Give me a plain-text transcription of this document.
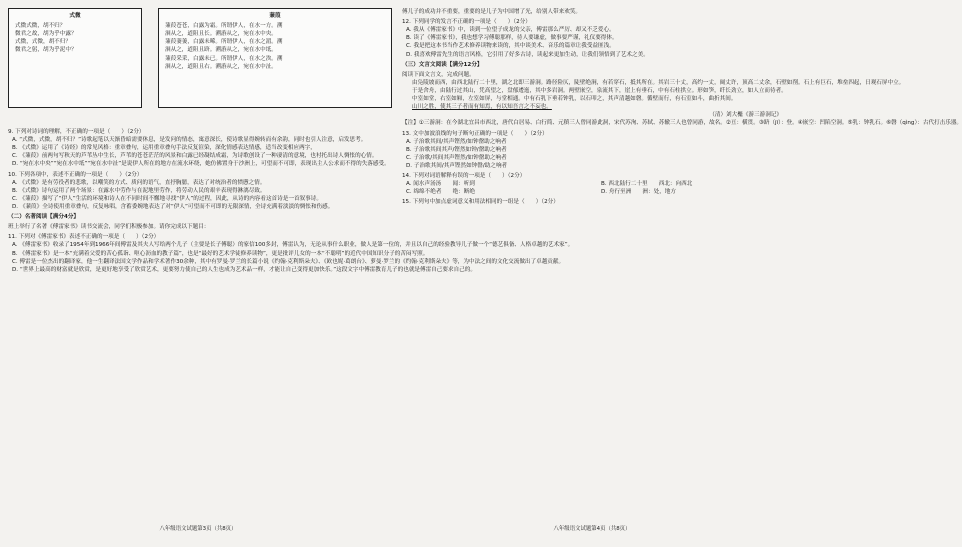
式微
式微式微，胡不归？
微君之故，胡为乎中露？
式微，式微，胡不归？
微君之躬，胡为乎泥中？
蒹葭
蒹葭苍苍，白露为霜。所谓伊人，在水一方。溯
洄从之，道阻且长。溯游从之，宛在水中央。
蒹葭萋萋，白露未晞。所谓伊人，在水之湄。溯
洄从之，道阻且跻。溯游从之，宛在水中坻。
蒹葭采采，白露未已。所谓伊人，在水之涘。溯
洄从之，道阻且右。溯游从之，宛在水中沚。
9. 下列对诗词的理解，不正确的一项是（　　）（2分）
A. “式微，式微，胡不归？”诗歌起笔以天渐昏暗需要休息，是发问的情态，寓意深长，使诗歌显得婉转而有余韵，同时也引人注意，启发思考。
B. 《式微》运用了《诗经》的常见风格：重章叠句，运用重章叠句手法反复渲染，深化情感表达情感，适当改变相应两字，
C. 《蒹葭》前两句写秋天的芦苇丛中生长，芦苇的苍苍茫茫的风景和白露已经凝结成霜，为诗歌创设了一种凄清的意境，也衬托出诗人惆怅的心情。
D. “宛在水中央”“宛在水中坻”“宛在水中沚”是说伊人所在的地方在流水环绕，她仿佛置身于沙洲上，可望而不可即，表现出主人公求而不得的失落感受。
10. 下列各项中，表述不正确的一项是（　　）（2分）
A. 《式微》是有劳役者的悲歌，以嘲笑的方式、质问的语气，直抒胸臆，表达了对统治者的愤懑之情。
B. 《式微》诗句运用了两个场景：在露水中劳作与在泥地里劳作，将劳动人民的艰辛表现得淋漓尽致。
C. 《蒹葭》描写了“伊人”生活的环境和诗人在不同时间不懈地寻找“伊人”的过程，因此，从诗的内容看这首诗是一首叙事诗。
D. 《蒹葭》全诗使用重章叠句，反复咏唱，含蓄委婉地表达了对“伊人”可望而不可即的无限深情，全诗充满着淡淡的惆怅和伤感。
（二）名著阅读【满分4分】
班上举行了名著《傅雷家书》读书交流会，同学们积极参加。请你完成以下题目：
11. 下列对《傅雷家书》表述不正确的一项是（　　）（2分）
A. 《傅雷家书》收录了1954年到1966年间傅雷及其夫人写给两个儿子（主要是长子傅聪）的家信100多封，傅雷认为，无论从事什么职业，做人是第一位的，并且以自己的经验教导儿子做一个“德艺俱备、人格卓越的艺术家”。
B. 《傅雷家书》是一本“充满着父爱的苦心孤诣、呕心沥血的教子篇”，也是“最好的艺术学徒修养读物”，更是批评儿女的一本“不聪明”的近代中国知识分子的苦闷写照。
C. 傅雷是一位杰出的翻译家，他一生翻译法国文学作品和学术著作30余种，其中有罗曼·罗兰的长篇小说《约翰·克利斯朵夫》、《欧也妮·葛朗台》、萝曼·罗兰的《约翰·克利斯朵夫》等，为中法之间的文化交流做出了卓越贡献。
D. “世界上最高的财富就是欣赏，是更好地享受了欣赏艺术，更要努力使自己的人生也成为艺术品一样，才能让自己变得更加快乐。”这段文字中傅雷教育儿子的也就是傅雷自己要求自己的。
八年级语文试题第3页（共8页）
傅儿子的成功并不重要，重要的是儿子为中国增了光，给别人带来欢笑。
12. 下列同学的发言不正确的一项是（　　）（2分）
A. 我从《傅雷家书》中，读到一位望子成龙的父亲，傅雷那么严厉、却又不乏爱心。
B. 读了《傅雷家书》，我也想学习傅聪那样，待人要谦虚，做事要严谨，礼仪要得体。
C. 我是把这本书当作艺术修养读物来读的，其中谈美术、音乐的篇章让我受益匪浅。
D. 我喜欢傅雷先生的语言风格，它引用了好多古诗，读起来更加生动，让我们领悟到了艺术之美。
（三）文言文阅读【满分12分】
阅读下面文言文，完成问题。
由凫陵坡而西，由西北陆行二十里，湖之北即三游洞。路径险仄，陡壁绝涧，有若穿石，抵其所在。其岩三十丈，高约一丈，阔丈许，顶高二丈余，石壁如削。石上有巨石，堆垒四起，日观石屏中立。
于是舍舟，由陆行过其山，凭高望之，盘郁逶迤，其中多岩洞。两壁嵌空，泉流其下，崖上有垂石，中有石柱拱立。形如笋，纤长劲立，如人立而待者。
中室如堂，右室如厢，左室如屏，与堂相通。中有石乳下垂若钟乳，以石叩之，其声清越如磬。循壁而行，有石室如斗，曲折其间。
山川之胜，使其三子者而有知焉，有以知吾言之不妄也。
（清）刘大櫆《游三游洞记》
【注】①三游洞：在今湖北宜昌市西北，唐代白居易、白行简、元稹三人曾同游此洞，宋代苏洵、苏轼、苏辙三人也曾同游，故名。②亘：横贯。③跻（jī）：登。④嵌空：凹陷空洞。⑤乳：钟乳石。⑥磬（qìng）：古代打击乐器。
13. 文中加波浪线的句子断句正确的一项是（　　）（2分）
A. 子治歌其间/其声铿然/如钟罄助之响者
B. 子治歌其间其声/铿然如钟/罄助之响者
C. 子治歌/其间其声铿然/如钟罄助之响者
D. 子治歌其间/其声铿然如钟罄/助之响者
14. 下列对词语解释有误的一项是（　　）（2分）
A. 闻水声汤汤　　闻：听到	B. 西北陆行二十里　　西北：向西北
C. 绵绵不绝者　　绝：断绝	D. 舟行至洲　　洲：处，地方
15. 下列句中加点虚词意义和用法相同的一组是（　　）（2分）
八年级语文试题第4页（共8页）
